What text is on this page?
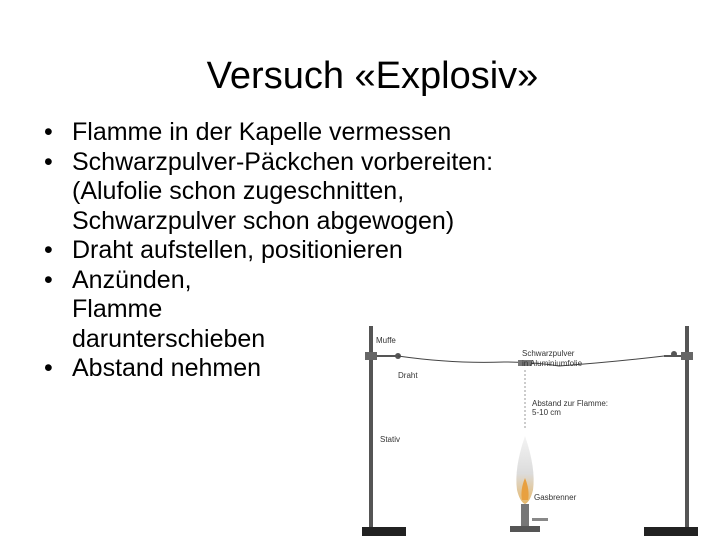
Versuch «Explosiv»
• Flamme in der Kapelle vermessen
• Schwarzpulver-Päckchen vorbereiten:
(Alufolie schon zugeschnitten,
Schwarzpulver schon abgewogen)
• Draht aufstellen, positionieren
• Anzünden,
Flamme
darunterschieben
• Abstand nehmen
Muffe
Schwarzpulver
in Aluminiumfolie
Draht
Abstand zur Flamme:
5-10 cm
Stativ
Gasbrenner
